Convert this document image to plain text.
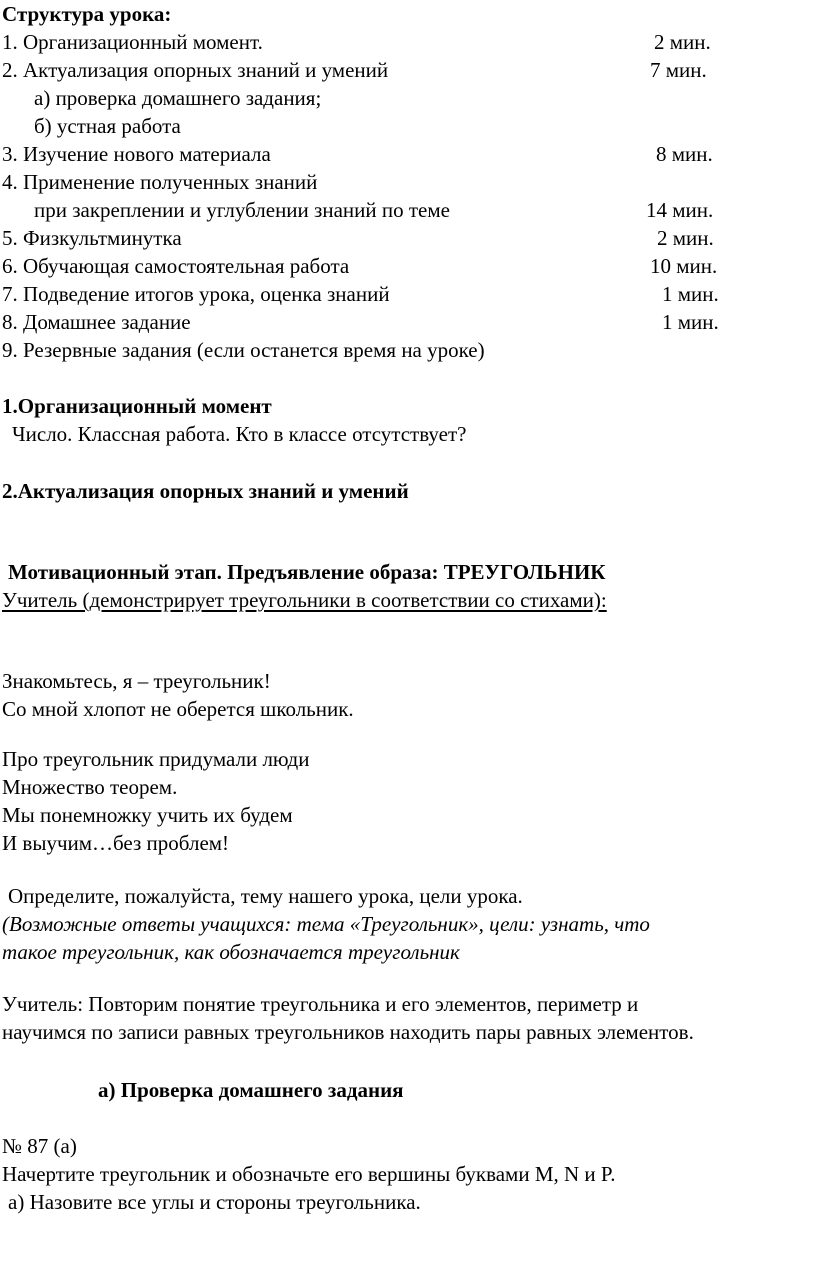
Структура урока:
1. Организационный момент.	2 мин.
2. Актуализация опорных знаний и умений	7 мин.
а) проверка домашнего задания;
б) устная работа
3. Изучение нового материала	8 мин.
4. Применение полученных знаний
при закреплении и углублении знаний по теме	14 мин.
5. Физкультминутка	2 мин.
6. Обучающая самостоятельная работа	10 мин.
7. Подведение итогов урока, оценка знаний	1 мин.
8. Домашнее задание	1 мин.
9. Резервные задания (если останется время на уроке)
1.Организационный момент
Число. Классная работа. Кто в классе отсутствует?
2.Актуализация опорных знаний и умений
Мотивационный этап. Предъявление образа: ТРЕУГОЛЬНИК
Учитель (демонстрирует треугольники в соответствии со стихами):
Знакомьтесь, я – треугольник!
Со мной хлопот не оберется школьник.
Про треугольник придумали люди
Множество теорем.
Мы понемножку учить их будем
И выучим…без проблем!
Определите, пожалуйста, тему нашего урока, цели урока.
(Возможные ответы учащихся: тема «Треугольник», цели: узнать, что
такое треугольник, как обозначается треугольник
Учитель: Повторим понятие треугольника и его элементов, периметр и
научимся по записи равных треугольников находить пары равных элементов.
а) Проверка домашнего задания
№ 87 (а)
Начертите треугольник и обозначьте его вершины буквами M, N и P.
а) Назовите все углы и стороны треугольника.
